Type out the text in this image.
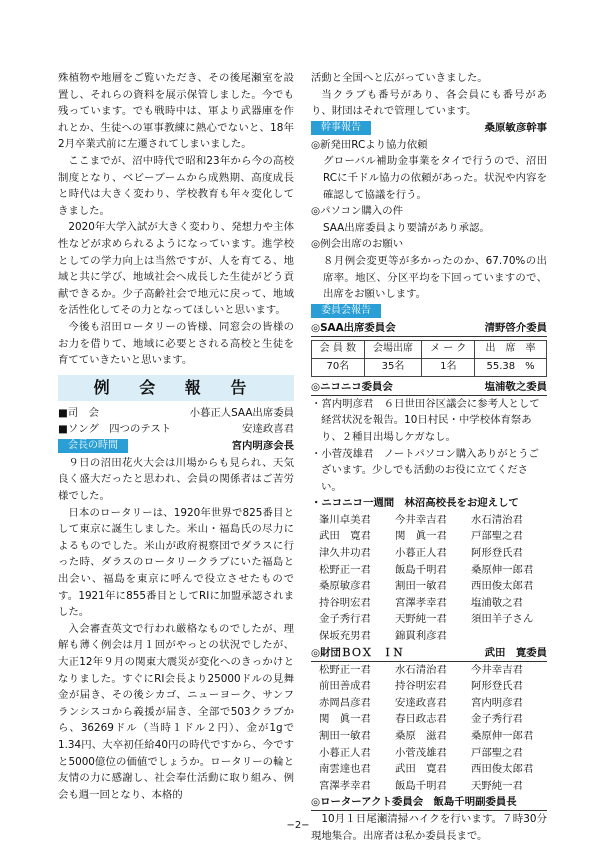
殊植物や地層をご覧いただき、その後尾瀬室を設置し、それらの資料を展示保管しました。今でも残っています。でも戦時中は、軍より武器庫を作れとか、生徒への軍事教練に熱心でないと、18年2月卒業式前に左遷されてしまいました。

ここまでが、沼中時代で昭和23年から今の高校制度となり、ベビーブームから成熟期、高度成長と時代は大きく変わり、学校教育も年々変化してきました。

2020年大学入試が大きく変わり、発想力や主体性などが求められるようになっています。進学校としての学力向上は当然ですが、人を育てる、地域と共に学び、地域社会へ成長した生徒がどう貢献できるか。少子高齢社会で地元に戻って、地域を活性化してその力となってほしいと思います。

今後も沼田ロータリーの皆様、同窓会の皆様のお力を借りて、地域に必要とされる高校と生徒を育てていきたいと思います。

例 会 報 告
■司　会	小暮正人SAA出席委員
■ソング　四つのテスト	安達政喜君
会長の時間	宮内明彦会長

９日の沼田花火大会は川場からも見られ、天気良く盛大だったと思われ、会員の関係者はご苦労様でした。

日本のロータリーは、1920年世界で825番目として東京に誕生しました。米山・福島氏の尽力によるものでした。米山が政府視察団でダラスに行った時、ダラスのロータリークラブにいた福島と出会い、福島を東京に呼んで役立させたものです。1921年に855番目としてRIに加盟承認されました。

入会審査英文で行われ厳格なものでしたが、理解も薄く例会は月１回がやっとの状況でしたが、大正12年９月の関東大震災が変化へのきっかけとなりました。すぐにRI会長より25000ドルの見舞金が届き、その後シカゴ、ニューヨーク、サンフランシスコから義援が届き、全部で503クラブから、36269ドル（当時１ドル２円）、金が1gで1.34円、大卒初任給40円の時代ですから、今ですと5000億位の価値でしょうか。ロータリーの輪と友情の力に感謝し、社会奉仕活動に取り組み、例会も週一回となり、本格的

活動と全国へと広がっていきました。

当クラブも番号があり、各会員にも番号があり、財団はそれで管理しています。

幹事報告	桑原敏彦幹事
◎新発田RCより協力依頼

グローバル補助金事業をタイで行うので、沼田RCに千ドル協力の依頼があった。状況や内容を確認して協議を行う。

◎パソコン購入の件

SAA出席委員より要請があり承認。

◎例会出席のお願い

８月例会変更等が多かったのか、67.70%の出席率。地区、分区平均を下回っていますので、出席をお願いします。

委員会報告
◎SAA出席委員会	清野啓介委員
会 員 数	会場出席	メ ー ク	出　席　率
70名	35名	1名	55.38　%
◎ニコニコ委員会	塩浦敬之委員
・宮内明彦君　６日世田谷区議会に参考人として経営状況を報告。10日村民・中学校体育祭あり、２種目出場しケガなし。
・小菅茂雄君　ノートパソコン購入ありがとうございます。少しでも活動のお役に立てください。
・ニコニコ一週間　林沼高校長をお迎えして
峯川卓美君	今井幸吉君	水石清治君
武田　寛君	関　眞一君	戸部聖之君
津久井功君	小暮正人君	阿形登氏君
松野正一君	飯島千明君	桑原伸一郎君
桑原敏彦君	割田一敏君	西田俊太郎君
持谷明宏君	宮澤孝幸君	塩浦敬之君
金子秀行君	天野純一君	須田羊子さん
保坂充男君	錦貫利彦君
◎財団ＢＯＸ　ＩＮ	武田　寛委員
松野正一君	水石清治君	今井幸吉君
前田善成君	持谷明宏君	阿形登氏君
赤岡昌彦君	安達政喜君	宮内明彦君
関　眞一君	春日政志君	金子秀行君
割田一敏君	桑原　滋君	桑原伸一郎君
小暮正人君	小菅茂雄君	戸部聖之君
南雲達也君	武田　寛君	西田俊太郎君
宮澤孝幸君	飯島千明君	天野純一君
◎ローターアクト委員会　飯島千明副委員長

10月１日尾瀬清掃ハイクを行います。７時30分現地集合。出席者は私か委員長まで。

−2−
